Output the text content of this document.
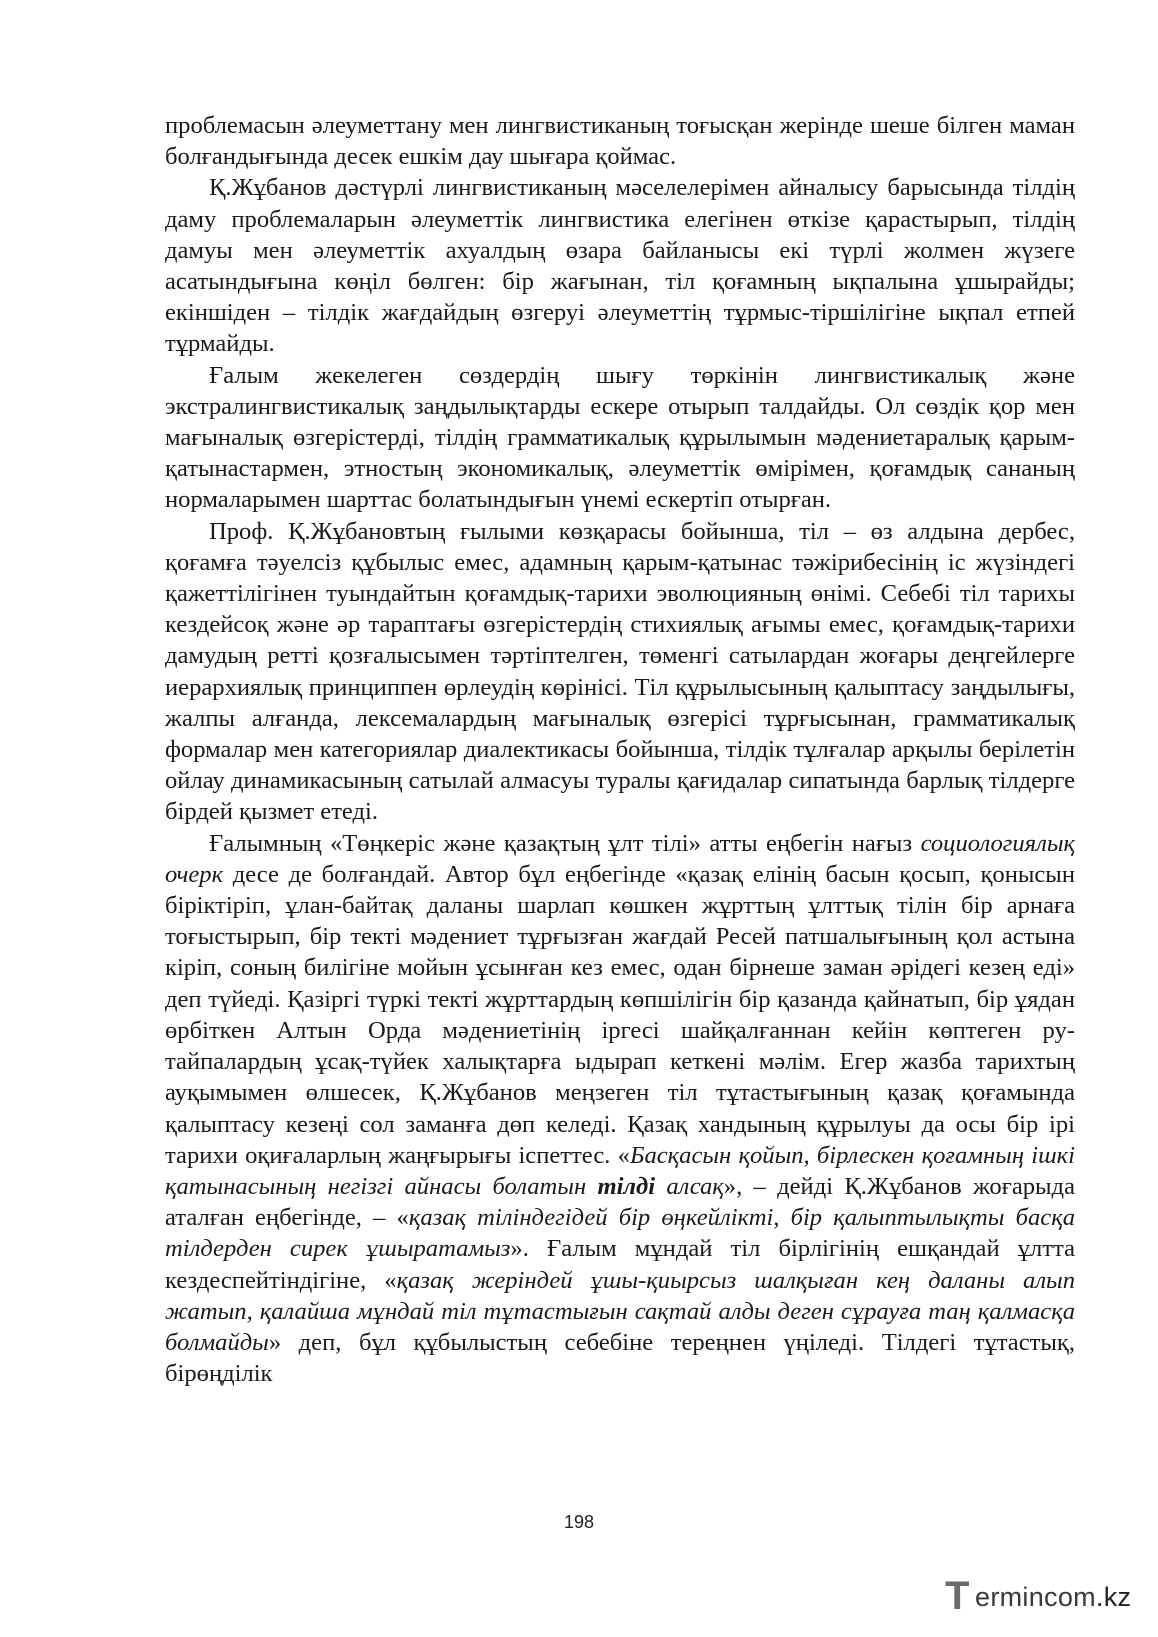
проблемасын әлеуметтану мен лингвистиканың тоғысқан жерінде шеше білген маман болғандығында десек ешкім дау шығара қоймас.

Қ.Жұбанов дәстүрлі лингвистиканың мәселелерімен айналысу барысында тілдің даму проблемаларын әлеуметтік лингвистика елегінен өткізе қарастырып, тілдің дамуы мен әлеуметтік ахуалдың өзара байланысы екі түрлі жолмен жүзеге асатындығына көңіл бөлген: бір жағынан, тіл қоғамның ықпалына ұшырайды; екіншіден – тілдік жағдайдың өзгеруі әлеуметтің тұрмыс-тіршілігіне ықпал етпей тұрмайды.

Ғалым жекелеген сөздердің шығу төркінін лингвистикалық және экстралингвистикалық заңдылықтарды ескере отырып талдайды. Ол сөздік қор мен мағыналық өзгерістерді, тілдің грамматикалық құрылымын мәдениетаралық қарым-қатынастармен, этностың экономикалық, әлеуметтік өмірімен, қоғамдық сананың нормаларымен шарттас болатындығын үнемі ескертіп отырған.

Проф. Қ.Жұбановтың ғылыми көзқарасы бойынша, тіл – өз алдына дербес, қоғамға тәуелсіз құбылыс емес, адамның қарым-қатынас тәжірибесінің іс жүзіндегі қажеттілігінен туындайтын қоғамдық-тарихи эволюцияның өнімі. Себебі тіл тарихы кездейсоқ және әр тараптағы өзгерістердің стихиялық ағымы емес, қоғамдық-тарихи дамудың ретті қозғалысымен тәртіптелген, төменгі сатылардан жоғары деңгейлерге иерархиялық принциппен өрлеудің көрінісі. Тіл құрылысының қалыптасу заңдылығы, жалпы алғанда, лексемалардың мағыналық өзгерісі тұрғысынан, грамматикалық формалар мен категориялар диалектикасы бойынша, тілдік тұлғалар арқылы берілетін ойлау динамикасының сатылай алмасуы туралы қағидалар сипатында барлық тілдерге бірдей қызмет етеді.

Ғалымның «Төңкеріс және қазақтың ұлт тілі» атты еңбегін нағыз социологиялық очерк десе де болғандай. Автор бұл еңбегінде «қазақ елінің басын қосып, қонысын біріктіріп, ұлан-байтақ даланы шарлап көшкен жұрттың ұлттық тілін бір арнаға тоғыстырып, бір текті мәдениет тұрғызған жағдай Ресей патшалығының қол астына кіріп, соның билігіне мойын ұсынған кез емес, одан бірнеше заман әрідегі кезең еді» деп түйеді. Қазіргі түркі текті жұрттардың көпшілігін бір қазанда қайнатып, бір ұядан өрбіткен Алтын Орда мәдениетінің іргесі шайқалғаннан кейін көптеген ру-тайпалардың ұсақ-түйек халықтарға ыдырап кеткені мәлім. Егер жазба тарихтың ауқымымен өлшесек, Қ.Жұбанов меңзеген тіл тұтастығының қазақ қоғамында қалыптасу кезеңі сол заманға дөп келеді. Қазақ хандының құрылуы да осы бір ірі тарихи оқиғаларлың жаңғырығы іспеттес. «Басқасын қойып, бірлескен қоғамның ішкі қатынасының негізгі айнасы болатын тілді алсақ», – дейді Қ.Жұбанов жоғарыда аталған еңбегінде, – «қазақ тіліндегідей бір өңкейлікті, бір қалыптылықты басқа тілдерден сирек ұшыратамыз». Ғалым мұндай тіл бірлігінің ешқандай ұлтта кездеспейтіндігіне, «қазақ жеріндей ұшы-қиырсыз шалқыған кең даланы алып жатып, қалайша мұндай тіл тұтастығын сақтай алды деген сұрауға таң қалмасқа болмайды» деп, бұл құбылыстың себебіне тереңнен үңіледі. Тілдегі тұтастық, бірөңділік

198
T ermincom.kz
